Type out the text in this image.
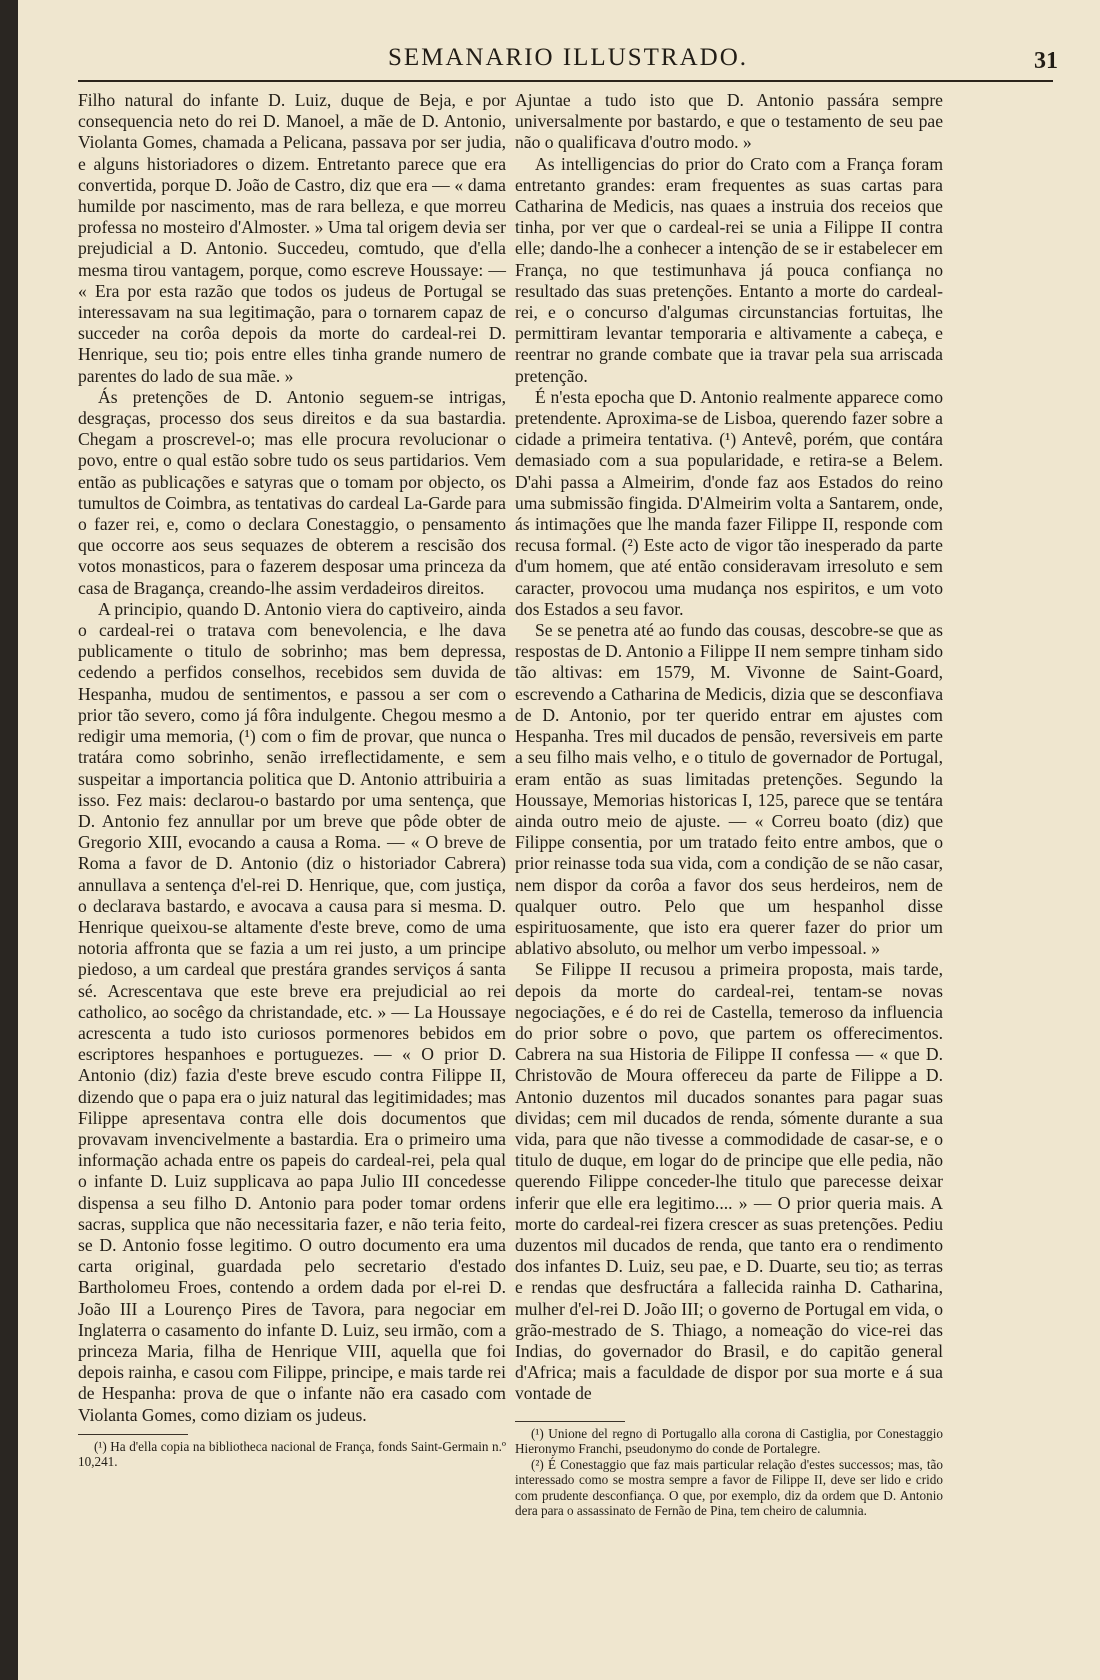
SEMANARIO ILLUSTRADO.	31

Filho natural do infante D. Luiz, duque de Beja, e por consequencia neto do rei D. Manoel, a mãe de D. Antonio, Violanta Gomes, chamada a Pelicana, passava por ser judia, e alguns historiadores o dizem. Entretanto parece que era convertida, porque D. João de Castro, diz que era — « dama humilde por nascimento, mas de rara belleza, e que morreu professa no mosteiro d'Almoster. » Uma tal origem devia ser prejudicial a D. Antonio. Succedeu, comtudo, que d'ella mesma tirou vantagem, porque, como escreve Houssaye: — « Era por esta razão que todos os judeus de Portugal se interessavam na sua legitimação, para o tornarem capaz de succeder na corôa depois da morte do cardeal-rei D. Henrique, seu tio; pois entre elles tinha grande numero de parentes do lado de sua mãe. »

Ás pretenções de D. Antonio seguem-se intrigas, desgraças, processo dos seus direitos e da sua bastardia. Chegam a proscrevel-o; mas elle procura revolucionar o povo, entre o qual estão sobre tudo os seus partidarios. Vem então as publicações e satyras que o tomam por objecto, os tumultos de Coimbra, as tentativas do cardeal La-Garde para o fazer rei, e, como o declara Conestaggio, o pensamento que occorre aos seus sequazes de obterem a rescisão dos votos monasticos, para o fazerem desposar uma princeza da casa de Bragança, creando-lhe assim verdadeiros direitos.

A principio, quando D. Antonio viera do captiveiro, ainda o cardeal-rei o tratava com benevolencia, e lhe dava publicamente o titulo de sobrinho; mas bem depressa, cedendo a perfidos conselhos, recebidos sem duvida de Hespanha, mudou de sentimentos, e passou a ser com o prior tão severo, como já fôra indulgente. Chegou mesmo a redigir uma memoria, (¹) com o fim de provar, que nunca o tratára como sobrinho, senão irreflectidamente, e sem suspeitar a importancia politica que D. Antonio attribuiria a isso. Fez mais: declarou-o bastardo por uma sentença, que D. Antonio fez annullar por um breve que pôde obter de Gregorio XIII, evocando a causa a Roma. — « O breve de Roma a favor de D. Antonio (diz o historiador Cabrera) annullava a sentença d'el-rei D. Henrique, que, com justiça, o declarava bastardo, e avocava a causa para si mesma. D. Henrique queixou-se altamente d'este breve, como de uma notoria affronta que se fazia a um rei justo, a um principe piedoso, a um cardeal que prestára grandes serviços á santa sé. Acrescentava que este breve era prejudicial ao rei catholico, ao socêgo da christandade, etc. » — La Houssaye acrescenta a tudo isto curiosos pormenores bebidos em escriptores hespanhoes e portuguezes. — « O prior D. Antonio (diz) fazia d'este breve escudo contra Filippe II, dizendo que o papa era o juiz natural das legitimidades; mas Filippe apresentava contra elle dois documentos que provavam invencivelmente a bastardia. Era o primeiro uma informação achada entre os papeis do cardeal-rei, pela qual o infante D. Luiz supplicava ao papa Julio III concedesse dispensa a seu filho D. Antonio para poder tomar ordens sacras, supplica que não necessitaria fazer, e não teria feito, se D. Antonio fosse legitimo. O outro documento era uma carta original, guardada pelo secretario d'estado Bartholomeu Froes, contendo a ordem dada por el-rei D. João III a Lourenço Pires de Tavora, para negociar em Inglaterra o casamento do infante D. Luiz, seu irmão, com a princeza Maria, filha de Henrique VIII, aquella que foi depois rainha, e casou com Filippe, principe, e mais tarde rei de Hespanha: prova de que o infante não era casado com Violanta Gomes, como diziam os judeus.

(¹) Ha d'ella copia na bibliotheca nacional de França, fonds Saint-Germain n.º 10,241.

Ajuntae a tudo isto que D. Antonio passára sempre universalmente por bastardo, e que o testamento de seu pae não o qualificava d'outro modo. »

As intelligencias do prior do Crato com a França foram entretanto grandes: eram frequentes as suas cartas para Catharina de Medicis, nas quaes a instruia dos receios que tinha, por ver que o cardeal-rei se unia a Filippe II contra elle; dando-lhe a conhecer a intenção de se ir estabelecer em França, no que testimunhava já pouca confiança no resultado das suas pretenções. Entanto a morte do cardeal-rei, e o concurso d'algumas circunstancias fortuitas, lhe permittiram levantar temporaria e altivamente a cabeça, e reentrar no grande combate que ia travar pela sua arriscada pretenção.

É n'esta epocha que D. Antonio realmente apparece como pretendente. Aproxima-se de Lisboa, querendo fazer sobre a cidade a primeira tentativa. (¹) Antevê, porém, que contára demasiado com a sua popularidade, e retira-se a Belem. D'ahi passa a Almeirim, d'onde faz aos Estados do reino uma submissão fingida. D'Almeirim volta a Santarem, onde, ás intimações que lhe manda fazer Filippe II, responde com recusa formal. (²) Este acto de vigor tão inesperado da parte d'um homem, que até então consideravam irresoluto e sem caracter, provocou uma mudança nos espiritos, e um voto dos Estados a seu favor.

Se se penetra até ao fundo das cousas, descobre-se que as respostas de D. Antonio a Filippe II nem sempre tinham sido tão altivas: em 1579, M. Vivonne de Saint-Goard, escrevendo a Catharina de Medicis, dizia que se desconfiava de D. Antonio, por ter querido entrar em ajustes com Hespanha. Tres mil ducados de pensão, reversiveis em parte a seu filho mais velho, e o titulo de governador de Portugal, eram então as suas limitadas pretenções. Segundo la Houssaye, Memorias historicas I, 125, parece que se tentára ainda outro meio de ajuste. — « Correu boato (diz) que Filippe consentia, por um tratado feito entre ambos, que o prior reinasse toda sua vida, com a condição de se não casar, nem dispor da corôa a favor dos seus herdeiros, nem de qualquer outro. Pelo que um hespanhol disse espirituosamente, que isto era querer fazer do prior um ablativo absoluto, ou melhor um verbo impessoal. »

Se Filippe II recusou a primeira proposta, mais tarde, depois da morte do cardeal-rei, tentam-se novas negociações, e é do rei de Castella, temeroso da influencia do prior sobre o povo, que partem os offerecimentos. Cabrera na sua Historia de Filippe II confessa — « que D. Christovão de Moura offereceu da parte de Filippe a D. Antonio duzentos mil ducados sonantes para pagar suas dividas; cem mil ducados de renda, sómente durante a sua vida, para que não tivesse a commodidade de casar-se, e o titulo de duque, em logar do de principe que elle pedia, não querendo Filippe conceder-lhe titulo que parecesse deixar inferir que elle era legitimo.... » — O prior queria mais. A morte do cardeal-rei fizera crescer as suas pretenções. Pediu duzentos mil ducados de renda, que tanto era o rendimento dos infantes D. Luiz, seu pae, e D. Duarte, seu tio; as terras e rendas que desfructára a fallecida rainha D. Catharina, mulher d'el-rei D. João III; o governo de Portugal em vida, o grão-mestrado de S. Thiago, a nomeação do vice-rei das Indias, do governador do Brasil, e do capitão general d'Africa; mais a faculdade de dispor por sua morte e á sua vontade de

(¹) Unione del regno di Portugallo alla corona di Castiglia, por Conestaggio Hieronymo Franchi, pseudonymo do conde de Portalegre.

(²) É Conestaggio que faz mais particular relação d'estes successos; mas, tão interessado como se mostra sempre a favor de Filippe II, deve ser lido e crido com prudente desconfiança. O que, por exemplo, diz da ordem que D. Antonio dera para o assassinato de Fernão de Pina, tem cheiro de calumnia.
